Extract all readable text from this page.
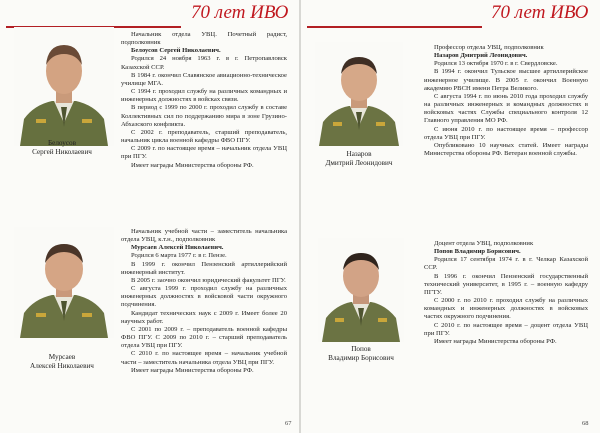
70 лет ИВО
Белоусов
Сергей Николаевич

Начальник отдела УВЦ. Почетный радист, подполковник

Белоусов Сергей Николаевич.

Родился 24 ноября 1963 г. в г. Петропавловск Казахской ССР.

В 1984 г. окончил Славянское авиационно-техническое училище МГА.

С 1994 г. проходил службу на различных командных и инженерных должностях в войсках связи.

В период с 1999 по 2000 г. проходил службу в составе Коллективных сил по поддержанию мира в зоне Грузино-Абхазского конфликта.

С 2002 г. преподаватель, старший преподаватель, начальник цикла военной кафедры ФВО ПГУ.

С 2009 г. по настоящее время – начальник отдела УВЦ при ПГУ.

Имеет награды Министерства обороны РФ.

Мурсаев
Алексей Николаевич

Начальник учебной части – заместитель начальника отдела УВЦ, к.т.н., подполковник

Мурсаев Алексей Николаевич.

Родился 6 марта 1977 г. в г. Пензе.

В 1999 г. окончил Пензенский артиллерийский инженерный институт.

В 2005 г. заочно окончил юридический факультет ПГУ.

С августа 1999 г. проходил службу на различных инженерных должностях в войсковой части окружного подчинения.

Кандидат технических наук с 2009 г. Имеет более 20 научных работ.

С 2001 по 2009 г. – преподаватель военной кафедры ФВО ПГУ. С 2009 по 2010 г. – старший преподаватель отдела УВЦ при ПГУ.

С 2010 г. по настоящее время – начальник учебной части – заместитель начальника отдела УВЦ при ПГУ.

Имеет награды Министерства обороны РФ.

67
70 лет ИВО
Назаров
Дмитрий Леонидович

Профессор отдела УВЦ, подполковник

Назаров Дмитрий Леонидович.

Родился 13 октября 1970 г. в г. Свердловске.

В 1994 г. окончил Тульское высшее артиллерийское инженерное училище. В 2005 г. окончил Военную академию РВСН имени Петра Великого.

С августа 1994 г. по июнь 2010 года проходил службу на различных инженерных и командных должностях в войсковых частях Службы специального контроля 12 Главного управления МО РФ.

С июня 2010 г. по настоящее время – профессор отдела УВЦ при ПГУ.

Опубликовано 10 научных статей. Имеет награды Министерства обороны РФ. Ветеран военной службы.

Попов
Владимир Борисович

Доцент отдела УВЦ, подполковник

Попов Владимир Борисович.

Родился 17 сентября 1974 г. в г. Челкар Казахской ССР.

В 1996 г. окончил Пензенский государственный технический университет, в 1995 г. – военную кафедру ПГТУ.

С 2000 г. по 2010 г. проходил службу на различных командных и инженерных должностях в войсковых частях окружного подчинения.

С 2010 г. по настоящее время – доцент отдела УВЦ при ПГУ.

Имеет награды Министерства обороны РФ.

68
